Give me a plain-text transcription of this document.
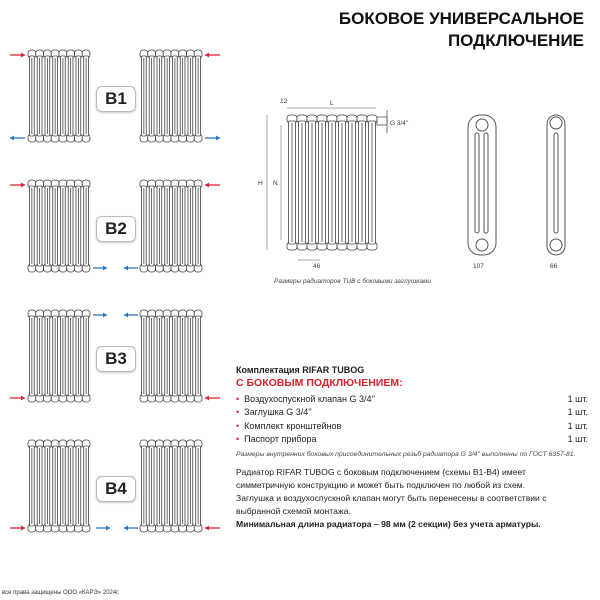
БОКОВОЕ УНИВЕРСАЛЬНОЕ
ПОДКЛЮЧЕНИЕ
B1
B2
B3
B4
12	L
G 3/4''
H N
46	107	66
Размеры радиаторов TUB с боковыми заглушками
Комплектация RIFAR TUBOG
С БОКОВЫМ ПОДКЛЮЧЕНИЕМ:
• Воздухоспускной клапан G 3/4''	1 шт.
• Заглушка G 3/4''	1 шт.
• Комплект кронштейнов	1 шт.
• Паспорт прибора	1 шт.
Размеры внутренних боковых присоединительных резьб радиатора G 3/4'' выполнены по ГОСТ 6357-81.
Радиатор RIFAR TUBOG с боковым подключением (схемы В1-В4) имеет симметричную конструкцию и может быть подключен по любой из схем.
Заглушка и воздухоспускной клапан могут быть перенесены в соответствии с выбранной схемой монтажа.
Минимальная длина радиатора – 98 мм (2 секции) без учета арматуры.
все права защищены ООО «КАРЭ» 2024г.
